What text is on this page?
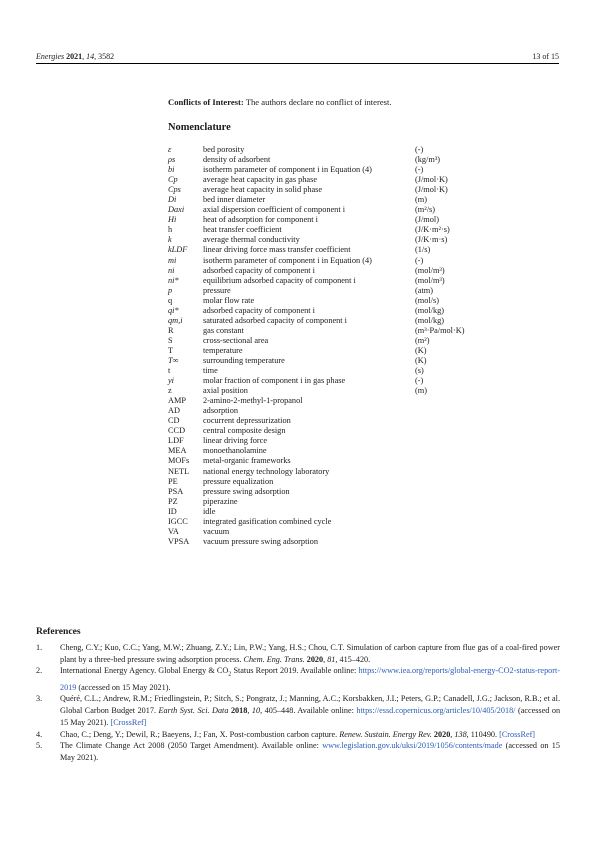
Energies 2021, 14, 3582	13 of 15
Conflicts of Interest: The authors declare no conflict of interest.
Nomenclature
ε	bed porosity	(-)
ρs	density of adsorbent	(kg/m³)
bi	isotherm parameter of component i in Equation (4)	(-)
Cp	average heat capacity in gas phase	(J/mol·K)
Cps	average heat capacity in solid phase	(J/mol·K)
Di	bed inner diameter	(m)
Daxi	axial dispersion coefficient of component i	(m²/s)
Hi	heat of adsorption for component i	(J/mol)
h	heat transfer coefficient	(J/K·m²·s)
k	average thermal conductivity	(J/K·m·s)
kLDF	linear driving force mass transfer coefficient	(1/s)
mi	isotherm parameter of component i in Equation (4)	(-)
ni	adsorbed capacity of component i	(mol/m³)
ni*	equilibrium adsorbed capacity of component i	(mol/m³)
p	pressure	(atm)
q	molar flow rate	(mol/s)
qi*	adsorbed capacity of component i	(mol/kg)
qm,i	saturated adsorbed capacity of component i	(mol/kg)
R	gas constant	(m³·Pa/mol·K)
S	cross-sectional area	(m²)
T	temperature	(K)
T∞	surrounding temperature	(K)
t	time	(s)
yi	molar fraction of component i in gas phase	(-)
z	axial position	(m)
AMP	2-amino-2-methyl-1-propanol
AD	adsorption
CD	cocurrent depressurization
CCD	central composite design
LDF	linear driving force
MEA	monoethanolamine
MOFs	metal-organic frameworks
NETL	national energy technology laboratory
PE	pressure equalization
PSA	pressure swing adsorption
PZ	piperazine
ID	idle
IGCC	integrated gasification combined cycle
VA	vacuum
VPSA	vacuum pressure swing adsorption
References
1. Cheng, C.Y.; Kuo, C.C.; Yang, M.W.; Zhuang, Z.Y.; Lin, P.W.; Yang, H.S.; Chou, C.T. Simulation of carbon capture from flue gas of a coal-fired power plant by a three-bed pressure swing adsorption process. Chem. Eng. Trans. 2020, 81, 415–420.
2. International Energy Agency. Global Energy & $CO_2$ Status Report 2019. Available online: https://www.iea.org/reports/global-energy-CO2-status-report-2019 (accessed on 15 May 2021).
3. Quéré, C.L.; Andrew, R.M.; Friedlingstein, P.; Sitch, S.; Pongratz, J.; Manning, A.C.; Korsbakken, J.I.; Peters, G.P.; Canadell, J.G.; Jackson, R.B.; et al. Global Carbon Budget 2017. Earth Syst. Sci. Data 2018, 10, 405–448. Available online: https://essd.copernicus.org/articles/10/405/2018/ (accessed on 15 May 2021). [CrossRef]
4. Chao, C.; Deng, Y.; Dewil, R.; Baeyens, J.; Fan, X. Post-combustion carbon capture. Renew. Sustain. Energy Rev. 2020, 138, 110490. [CrossRef]
5. The Climate Change Act 2008 (2050 Target Amendment). Available online: www.legislation.gov.uk/uksi/2019/1056/contents/made (accessed on 15 May 2021).
